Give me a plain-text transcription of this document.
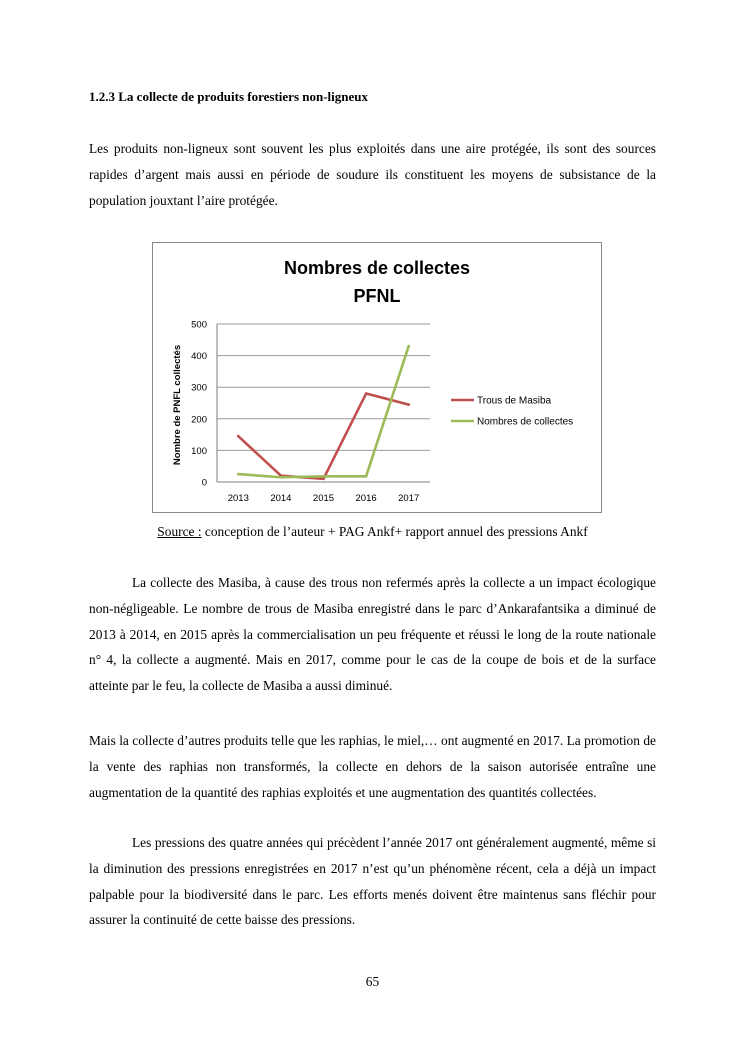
1.2.3 La collecte de produits forestiers non-ligneux

Les produits non-ligneux sont souvent les plus exploités dans une aire protégée, ils sont des sources rapides d’argent mais aussi en période de soudure ils constituent les moyens de subsistance de la population jouxtant l’aire protégée.

Nombres de collectes
PFNL
Nombre de PNFL collectés
0
100
200
300
400
500
2013 2014 2015 2016 2017
Trous de Masiba
Nombres de collectes

Source : conception de l’auteur + PAG Ankf+ rapport annuel des pressions Ankf

La collecte des Masiba, à cause des trous non refermés après la collecte a un impact écologique non-négligeable. Le nombre de trous de Masiba enregistré dans le parc d’Ankarafantsika a diminué de 2013 à 2014, en 2015 après la commercialisation un peu fréquente et réussi le long de la route nationale n° 4, la collecte a augmenté. Mais en 2017, comme pour le cas de la coupe de bois et de la surface atteinte par le feu, la collecte de Masiba a aussi diminué.

Mais la collecte d’autres produits telle que les raphias, le miel,… ont augmenté en 2017. La promotion de la vente des raphias non transformés, la collecte en dehors de la saison autorisée entraîne une augmentation de la quantité des raphias exploités et une augmentation des quantités collectées.

Les pressions des quatre années qui précèdent l’année 2017 ont généralement augmenté, même si la diminution des pressions enregistrées en 2017 n’est qu’un phénomène récent, cela a déjà un impact palpable pour la biodiversité dans le parc. Les efforts menés doivent être maintenus sans fléchir pour assurer la continuité de cette baisse des pressions.

65
